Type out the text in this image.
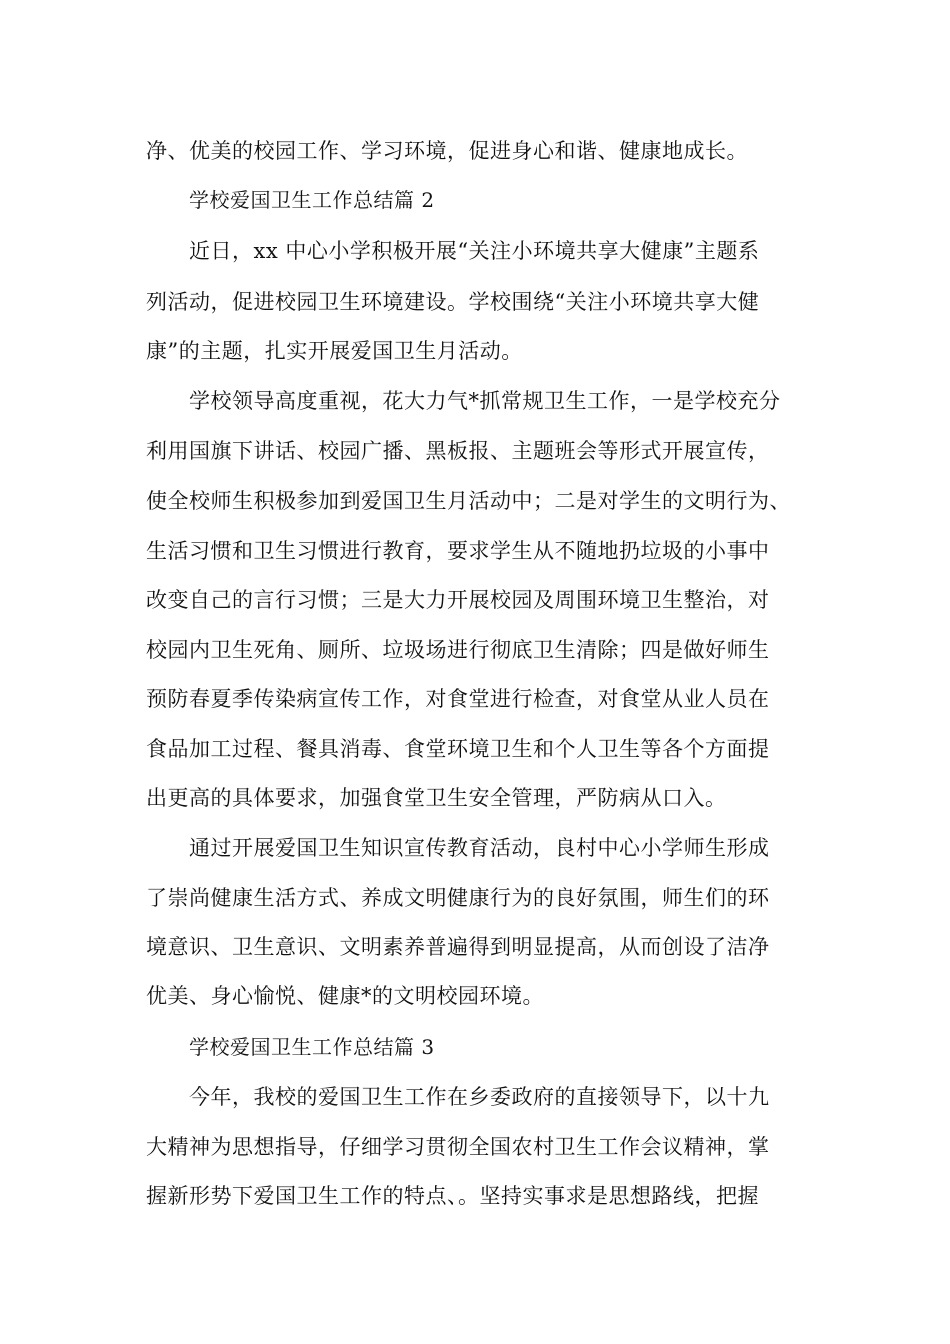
净、优美的校园工作、学习环境，促进身心和谐、健康地成长。
学校爱国卫生工作总结篇 2
近日，xx 中心小学积极开展“关注小环境共享大健康”主题系
列活动，促进校园卫生环境建设。学校围绕“关注小环境共享大健
康”的主题，扎实开展爱国卫生月活动。
学校领导高度重视，花大力气*抓常规卫生工作，一是学校充分
利用国旗下讲话、校园广播、黑板报、主题班会等形式开展宣传，
使全校师生积极参加到爱国卫生月活动中；二是对学生的文明行为、
生活习惯和卫生习惯进行教育，要求学生从不随地扔垃圾的小事中
改变自己的言行习惯；三是大力开展校园及周围环境卫生整治，对
校园内卫生死角、厕所、垃圾场进行彻底卫生清除；四是做好师生
预防春夏季传染病宣传工作，对食堂进行检查，对食堂从业人员在
食品加工过程、餐具消毒、食堂环境卫生和个人卫生等各个方面提
出更高的具体要求，加强食堂卫生安全管理，严防病从口入。
通过开展爱国卫生知识宣传教育活动，良村中心小学师生形成
了崇尚健康生活方式、养成文明健康行为的良好氛围，师生们的环
境意识、卫生意识、文明素养普遍得到明显提高，从而创设了洁净
优美、身心愉悦、健康*的文明校园环境。
学校爱国卫生工作总结篇 3
今年，我校的爱国卫生工作在乡委政府的直接领导下，以十九
大精神为思想指导，仔细学习贯彻全国农村卫生工作会议精神，掌
握新形势下爱国卫生工作的特点、。坚持实事求是思想路线，把握
